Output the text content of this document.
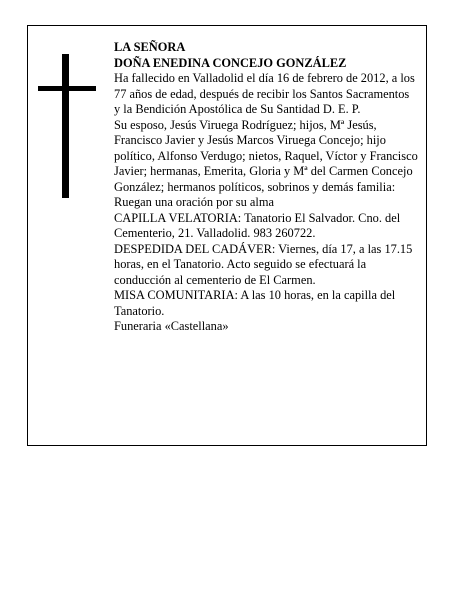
LA SEÑORA
DOÑA ENEDINA CONCEJO GONZÁLEZ

Ha fallecido en Valladolid el día 16 de febrero de 2012, a los 77 años de edad, después de recibir los Santos Sacramentos y la Bendición Apostólica de Su Santidad D. E. P.

Su esposo, Jesús Viruega Rodríguez; hijos, Mª Jesús, Francisco Javier y Jesús Marcos Viruega Concejo; hijo político, Alfonso Verdugo; nietos, Raquel, Víctor y Francisco Javier; hermanas, Emerita, Gloria y Mª del Carmen Concejo González; hermanos políticos, sobrinos y demás familia:

Ruegan una oración por su alma

CAPILLA VELATORIA: Tanatorio El Salvador. Cno. del Cementerio, 21. Valladolid. 983 260722.

DESPEDIDA DEL CADÁVER: Viernes, día 17, a las 17.15 horas, en el Tanatorio. Acto seguido se efectuará la conducción al cementerio de El Carmen.

MISA COMUNITARIA: A las 10 horas, en la capilla del Tanatorio.

Funeraria «Castellana»
